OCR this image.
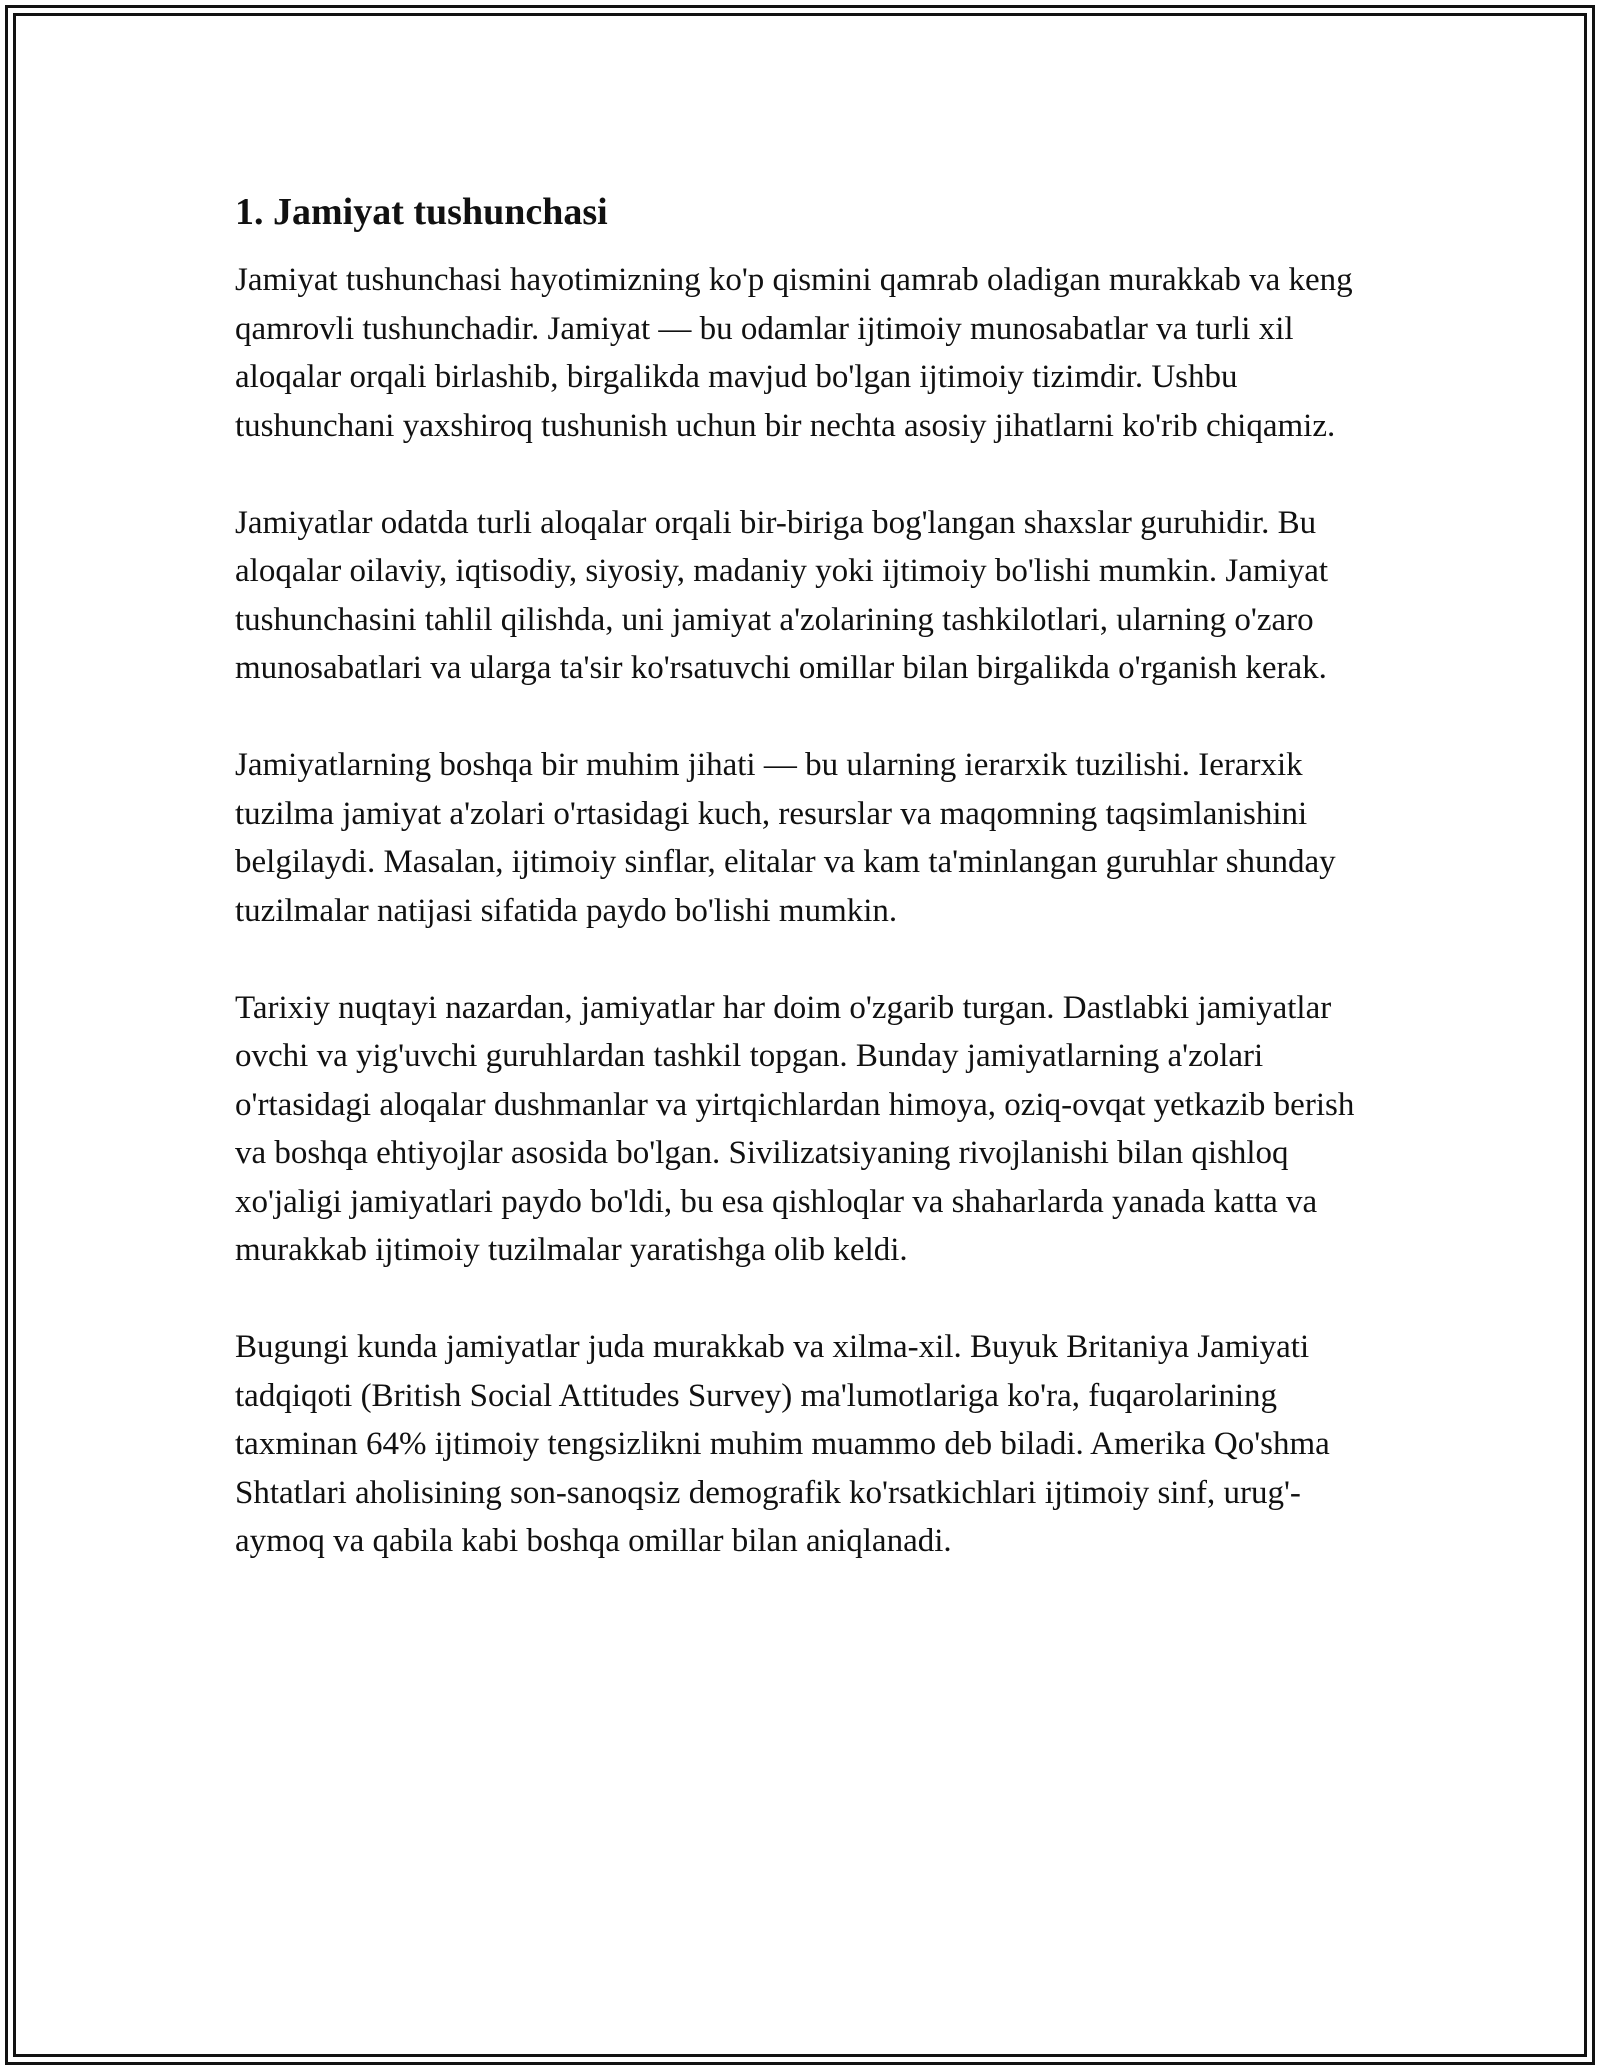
1. Jamiyat tushunchasi

Jamiyat tushunchasi hayotimizning ko'p qismini qamrab oladigan murakkab va keng qamrovli tushunchadir. Jamiyat — bu odamlar ijtimoiy munosabatlar va turli xil aloqalar orqali birlashib, birgalikda mavjud bo'lgan ijtimoiy tizimdir. Ushbu tushunchani yaxshiroq tushunish uchun bir nechta asosiy jihatlarni ko'rib chiqamiz.

Jamiyatlar odatda turli aloqalar orqali bir-biriga bog'langan shaxslar guruhidir. Bu aloqalar oilaviy, iqtisodiy, siyosiy, madaniy yoki ijtimoiy bo'lishi mumkin. Jamiyat tushunchasini tahlil qilishda, uni jamiyat a'zolarining tashkilotlari, ularning o'zaro munosabatlari va ularga ta'sir ko'rsatuvchi omillar bilan birgalikda o'rganish kerak.

Jamiyatlarning boshqa bir muhim jihati — bu ularning ierarxik tuzilishi. Ierarxik tuzilma jamiyat a'zolari o'rtasidagi kuch, resurslar va maqomning taqsimlanishini belgilaydi. Masalan, ijtimoiy sinflar, elitalar va kam ta'minlangan guruhlar shunday tuzilmalar natijasi sifatida paydo bo'lishi mumkin.

Tarixiy nuqtayi nazardan, jamiyatlar har doim o'zgarib turgan. Dastlabki jamiyatlar ovchi va yig'uvchi guruhlardan tashkil topgan. Bunday jamiyatlarning a'zolari o'rtasidagi aloqalar dushmanlar va yirtqichlardan himoya, oziq-ovqat yetkazib berish va boshqa ehtiyojlar asosida bo'lgan. Sivilizatsiyaning rivojlanishi bilan qishloq xo'jaligi jamiyatlari paydo bo'ldi, bu esa qishloqlar va shaharlarda yanada katta va murakkab ijtimoiy tuzilmalar yaratishga olib keldi.

Bugungi kunda jamiyatlar juda murakkab va xilma-xil. Buyuk Britaniya Jamiyati tadqiqoti (British Social Attitudes Survey) ma'lumotlariga ko'ra, fuqarolarining taxminan 64% ijtimoiy tengsizlikni muhim muammo deb biladi. Amerika Qo'shma Shtatlari aholisining son-sanoqsiz demografik ko'rsatkichlari ijtimoiy sinf, urug'-aymoq va qabila kabi boshqa omillar bilan aniqlanadi.
